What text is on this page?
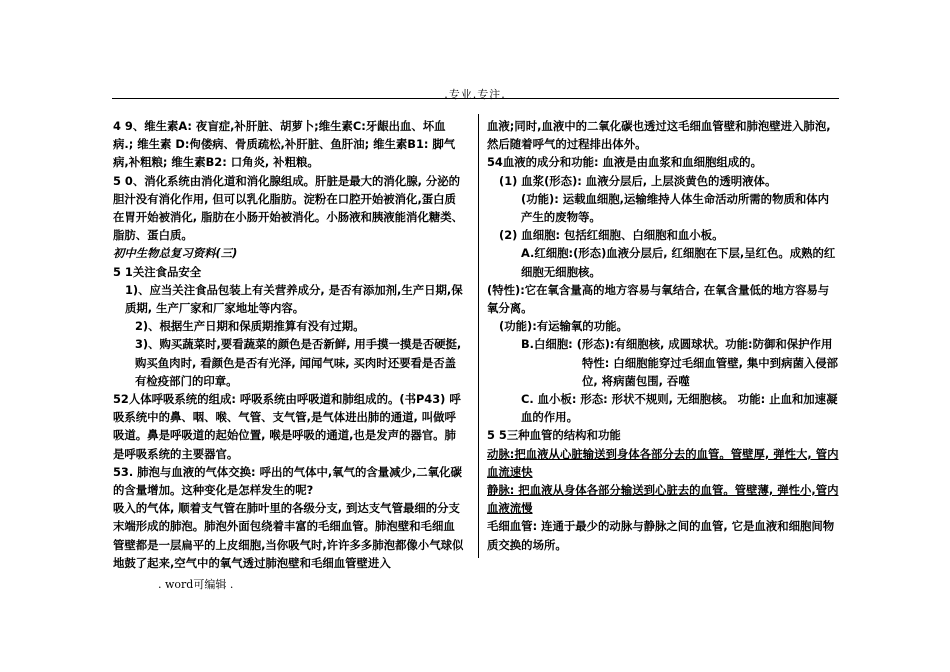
.专业.专注.

4 9、维生素A: 夜盲症,补肝脏、胡萝卜;维生素C:牙龈出血、坏血病.; 维生素 D:佝偻病、骨质疏松,补肝脏、鱼肝油; 维生素B1: 脚气病,补粗粮; 维生素B2: 口角炎, 补粗粮。

5 0、消化系统由消化道和消化腺组成。肝脏是最大的消化腺, 分泌的胆汁没有消化作用, 但可以乳化脂肪。淀粉在口腔开始被消化,蛋白质在胃开始被消化, 脂肪在小肠开始被消化。小肠液和胰液能消化糖类、脂肪、蛋白质。

初中生物总复习资料(三)

5 1关注食品安全

1)、应当关注食品包装上有关营养成分, 是否有添加剂,生产日期,保质期, 生产厂家和厂家地址等内容。

2)、根据生产日期和保质期推算有没有过期。

3)、购买蔬菜时,要看蔬菜的颜色是否新鲜, 用手摸一摸是否硬挺, 购买鱼肉时, 看颜色是否有光泽, 闻闻气味, 买肉时还要看是否盖有检疫部门的印章。

52人体呼吸系统的组成: 呼吸系统由呼吸道和肺组成的。(书P43) 呼吸系统中的鼻、咽、喉、气管、支气管,是气体进出肺的通道, 叫做呼吸道。鼻是呼吸道的起始位置, 喉是呼吸的通道,也是发声的器官。肺是呼吸系统的主要器官。

53. 肺泡与血液的气体交换: 呼出的气体中,氧气的含量减少,二氧化碳的含量增加。这种变化是怎样发生的呢?

吸入的气体, 顺着支气管在肺叶里的各级分支, 到达支气管最细的分支末端形成的肺泡。肺泡外面包绕着丰富的毛细血管。肺泡壁和毛细血管壁都是一层扁平的上皮细胞,当你吸气时,许许多多肺泡都像小气球似地鼓了起来,空气中的氧气透过肺泡壁和毛细血管壁进入

血液;同时,血液中的二氧化碳也透过这毛细血管壁和肺泡壁进入肺泡, 然后随着呼气的过程排出体外。

54血液的成分和功能: 血液是由血浆和血细胞组成的。

(1) 血浆(形态): 血液分层后, 上层淡黄色的透明液体。

(功能): 运载血细胞,运输维持人体生命活动所需的物质和体内产生的废物等。

(2) 血细胞: 包括红细胞、白细胞和血小板。

A.红细胞:(形态)血液分层后, 红细胞在下层,呈红色。成熟的红细胞无细胞核。

(特性):它在氧含量高的地方容易与氧结合, 在氧含量低的地方容易与氧分离。

(功能):有运输氧的功能。

B.白细胞: (形态):有细胞核, 成圆球状。功能:防御和保护作用

特性: 白细胞能穿过毛细血管壁, 集中到病菌入侵部位, 将病菌包围, 吞噬

C. 血小板: 形态: 形状不规则, 无细胞核。 功能: 止血和加速凝血的作用。

5 5三种血管的结构和功能

动脉:把血液从心脏输送到身体各部分去的血管。管壁厚, 弹性大, 管内血流速快

静脉: 把血液从身体各部分输送到心脏去的血管。管壁薄, 弹性小,管内血液流慢

毛细血管: 连通于最少的动脉与静脉之间的血管, 它是血液和细胞间物质交换的场所。

. word可编辑 .
